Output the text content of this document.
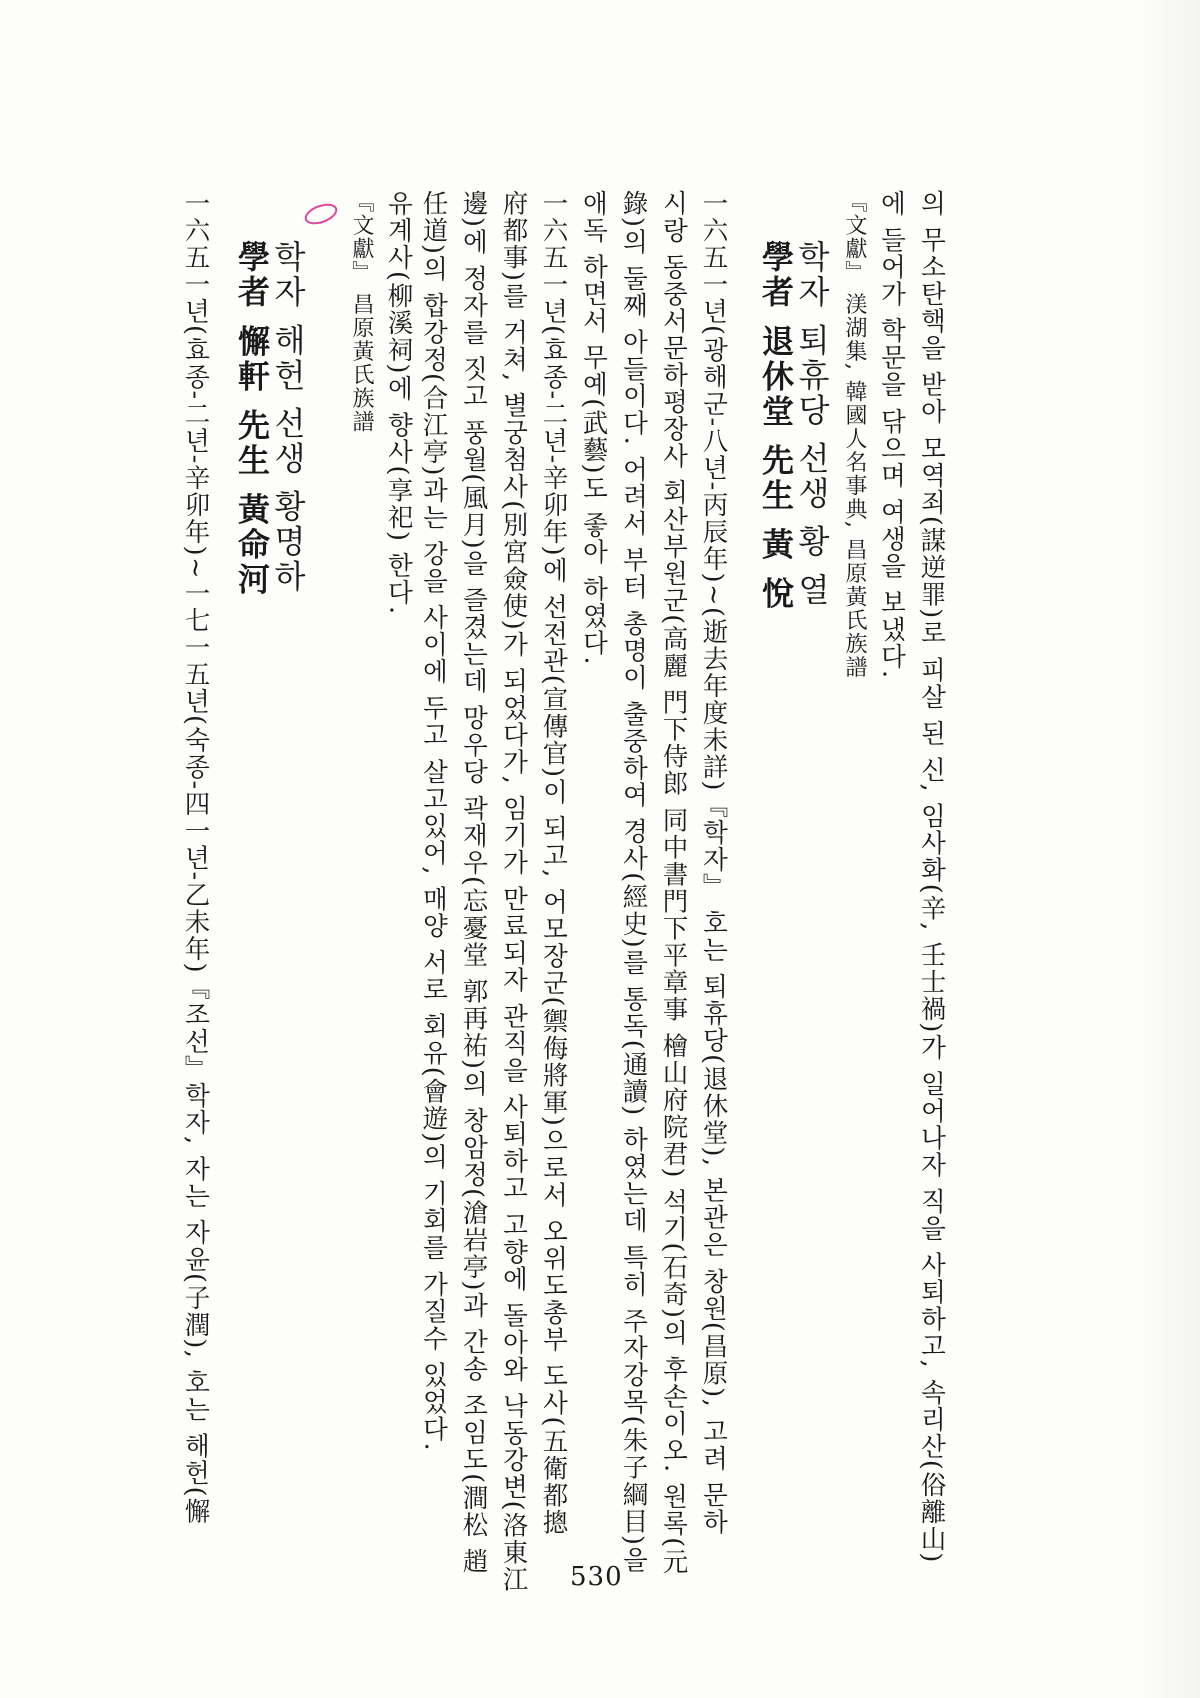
의 무소탄핵을 받아 모역죄(謀逆罪)로 피살 된 신, 임사화(辛, 壬士禍)가 일어나자 직을 사퇴하고, 속리산(俗離山)
에 들어가 학문을 닦으며 여생을 보냈다.
『文獻』 渼湖集, 韓國人名事典, 昌原黃氏族譜
학자 퇴휴당 선생 황 열
學者 退休堂 先生 黃 悅
一六五一년(광해군-八년-丙辰年)~(逝去年度未詳)『학자』 호는 퇴휴당(退休堂), 본관은 창원(昌原), 고려 문하
시랑 동중서문하평장사 회산부원군(高麗 門下侍郎 同中書門下平章事 檜山府院君) 석기(石奇)의 후손이오. 원록(元
錄)의 둘째 아들이다. 어려서 부터 총명이 출중하여 경사(經史)를 통독(通讀) 하였는데 특히 주자강목(朱子綱目)을
애독 하면서 무예(武藝)도 좋아 하였다.
一六五一년(효종-二년-辛卯年)에 선전관(宣傳官)이 되고, 어모장군(禦侮將軍)으로서 오위도총부 도사(五衛都摠
府都事)를 거쳐, 별궁첨사(別宮僉使)가 되었다가, 임기가 만료되자 관직을 사퇴하고 고향에 돌아와 낙동강변(洛東江
邊)에 정자를 짓고 풍월(風月)을 즐겼는데 망우당 곽재우(忘憂堂 郭再祐)의 창암정(滄岩亭)과 간송 조임도(澗松 趙
任道)의 합강정(合江亭)과는 강을 사이에 두고 살고있어, 매양 서로 회유(會遊)의 기회를 가질수 있었다.
유계사(柳溪祠)에 향사(享祀) 한다.
『文獻』 昌原黃氏族譜
학자 해헌 선생 황명하
學者 懈軒 先生 黃命河
一六五一년(효종-二년-辛卯年)~一七一五년(숙종-四一년-乙未年)『조선』학자, 자는 자윤(子潤), 호는 해헌(懈
530
